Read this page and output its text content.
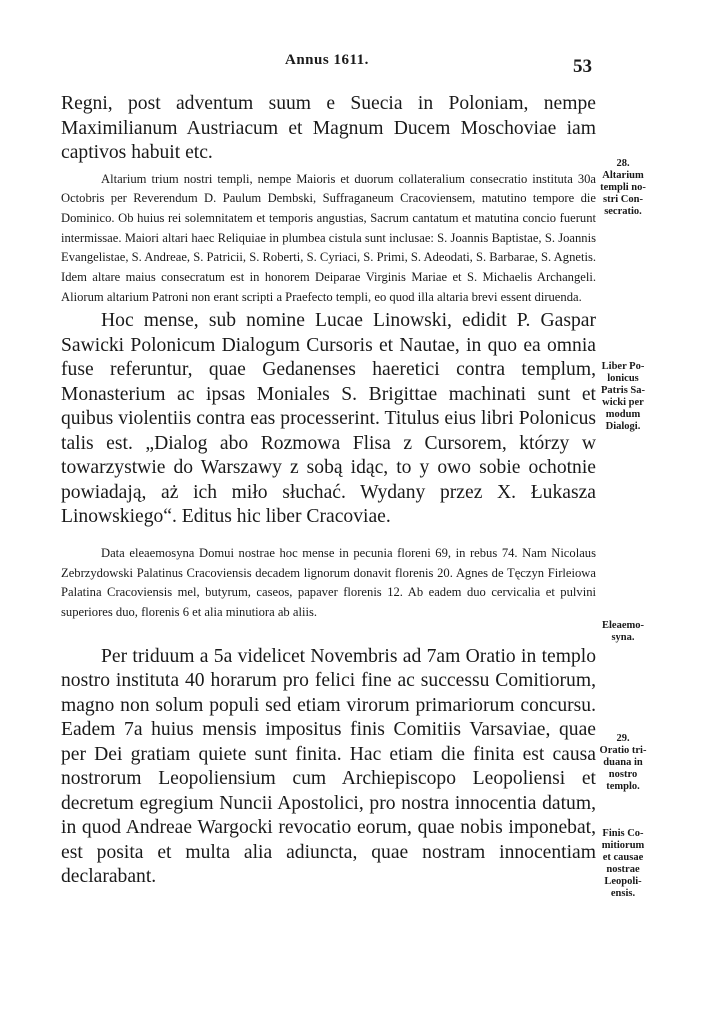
Annus 1611.	53

Regni, post adventum suum e Suecia in Poloniam, nempe Maximilianum Austriacum et Magnum Ducem Moschoviae iam captivos habuit etc.

Altarium trium nostri templi, nempe Maioris et duorum collateralium consecratio instituta 30a Octobris per Reverendum D. Paulum Dembski, Suffraganeum Cracoviensem, matutino tempore die Dominico. Ob huius rei solemnitatem et temporis angustias, Sacrum cantatum et matutina concio fuerunt intermissae. Maiori altari haec Reliquiae in plumbea cistula sunt inclusae: S. Joannis Baptistae, S. Joannis Evangelistae, S. Andreae, S. Patricii, S. Roberti, S. Cyriaci, S. Primi, S. Adeodati, S. Barbarae, S. Agnetis. Idem altare maius consecratum est in honorem Deiparae Virginis Mariae et S. Michaelis Archangeli. Aliorum altarium Patroni non erant scripti a Praefecto templi, eo quod illa altaria brevi essent diruenda.

Hoc mense, sub nomine Lucae Linowski, edidit P. Gaspar Sawicki Polonicum Dialogum Cursoris et Nautae, in quo ea omnia fuse referuntur, quae Gedanenses haeretici contra templum, Monasterium ac ipsas Moniales S. Brigittae machinati sunt et quibus violentiis contra eas processerint. Titulus eius libri Polonicus talis est. „Dialog abo Rozmowa Flisa z Cursorem, którzy w towarzystwie do Warszawy z sobą idąc, to y owo sobie ochotnie powiadają, aż ich miło słuchać. Wydany przez X. Łukasza Linowskiego“. Editus hic liber Cracoviae.

Data eleaemosyna Domui nostrae hoc mense in pecunia floreni 69, in rebus 74. Nam Nicolaus Zebrzydowski Palatinus Cracoviensis decadem lignorum donavit florenis 20. Agnes de Tęczyn Firleiowa Palatina Cracoviensis mel, butyrum, caseos, papaver florenis 12. Ab eadem duo cervicalia et pulvini superiores duo, florenis 6 et alia minutiora ab aliis.

Per triduum a 5a videlicet Novembris ad 7am Oratio in templo nostro instituta 40 horarum pro felici fine ac successu Comitiorum, magno non solum populi sed etiam virorum primariorum concursu. Eadem 7a huius mensis impositus finis Comitiis Varsaviae, quae per Dei gratiam quiete sunt finita. Hac etiam die finita est causa nostrorum Leopoliensium cum Archiepiscopo Leopoliensi et decretum egregium Nuncii Apostolici, pro nostra innocentia datum, in quod Andreae Wargocki revocatio eorum, quae nobis imponebat, est posita et multa alia adiuncta, quae nostram innocentiam declarabant.

28.
Altarium
templi no-
stri Con-
secratio.
Liber Po-
lonicus
Patris Sa-
wicki per
modum
Dialogi.
Eleaemo-
syna.
29.
Oratio tri-
duana in
nostro
templo.
Finis Co-
mitiorum
et causae
nostrae
Leopoli-
ensis.
